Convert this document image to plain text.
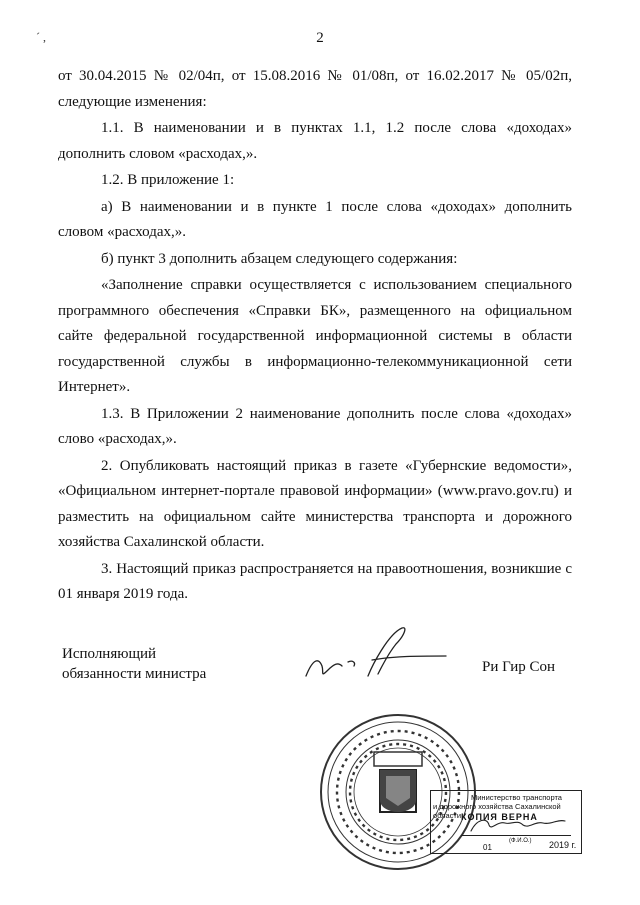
ˊ ,	2

от 30.04.2015 № 02/04п, от 15.08.2016 № 01/08п, от 16.02.2017 № 05/02п, следующие изменения:

1.1. В наименовании и в пунктах 1.1, 1.2 после слова «доходах» дополнить словом «расходах,».

1.2. В приложение 1:

а) В наименовании и в пункте 1 после слова «доходах» дополнить словом «расходах,».

б) пункт 3 дополнить абзацем следующего содержания:

«Заполнение справки осуществляется с использованием специального программного обеспечения «Справки БК», размещенного на официальном сайте федеральной государственной информационной системы в области государственной службы в информационно-телекоммуникационной сети Интернет».

1.3. В Приложении 2 наименование дополнить после слова «доходах» слово «расходах,».

2. Опубликовать настоящий приказ в газете «Губернские ведомости», «Официальном интернет-портале правовой информации» (www.pravo.gov.ru) и разместить на официальном сайте министерства транспорта и дорожного хозяйства Сахалинской области.

3. Настоящий приказ распространяется на правоотношения, возникшие с 01 января 2019 года.

Исполняющий
обязанности министра	Ри Гир Сон
Министерство транспорта
и дорожного хозяйства Сахалинской области КОПИЯ ВЕРНА
(Ф.И.О.)
01	2019 г.
